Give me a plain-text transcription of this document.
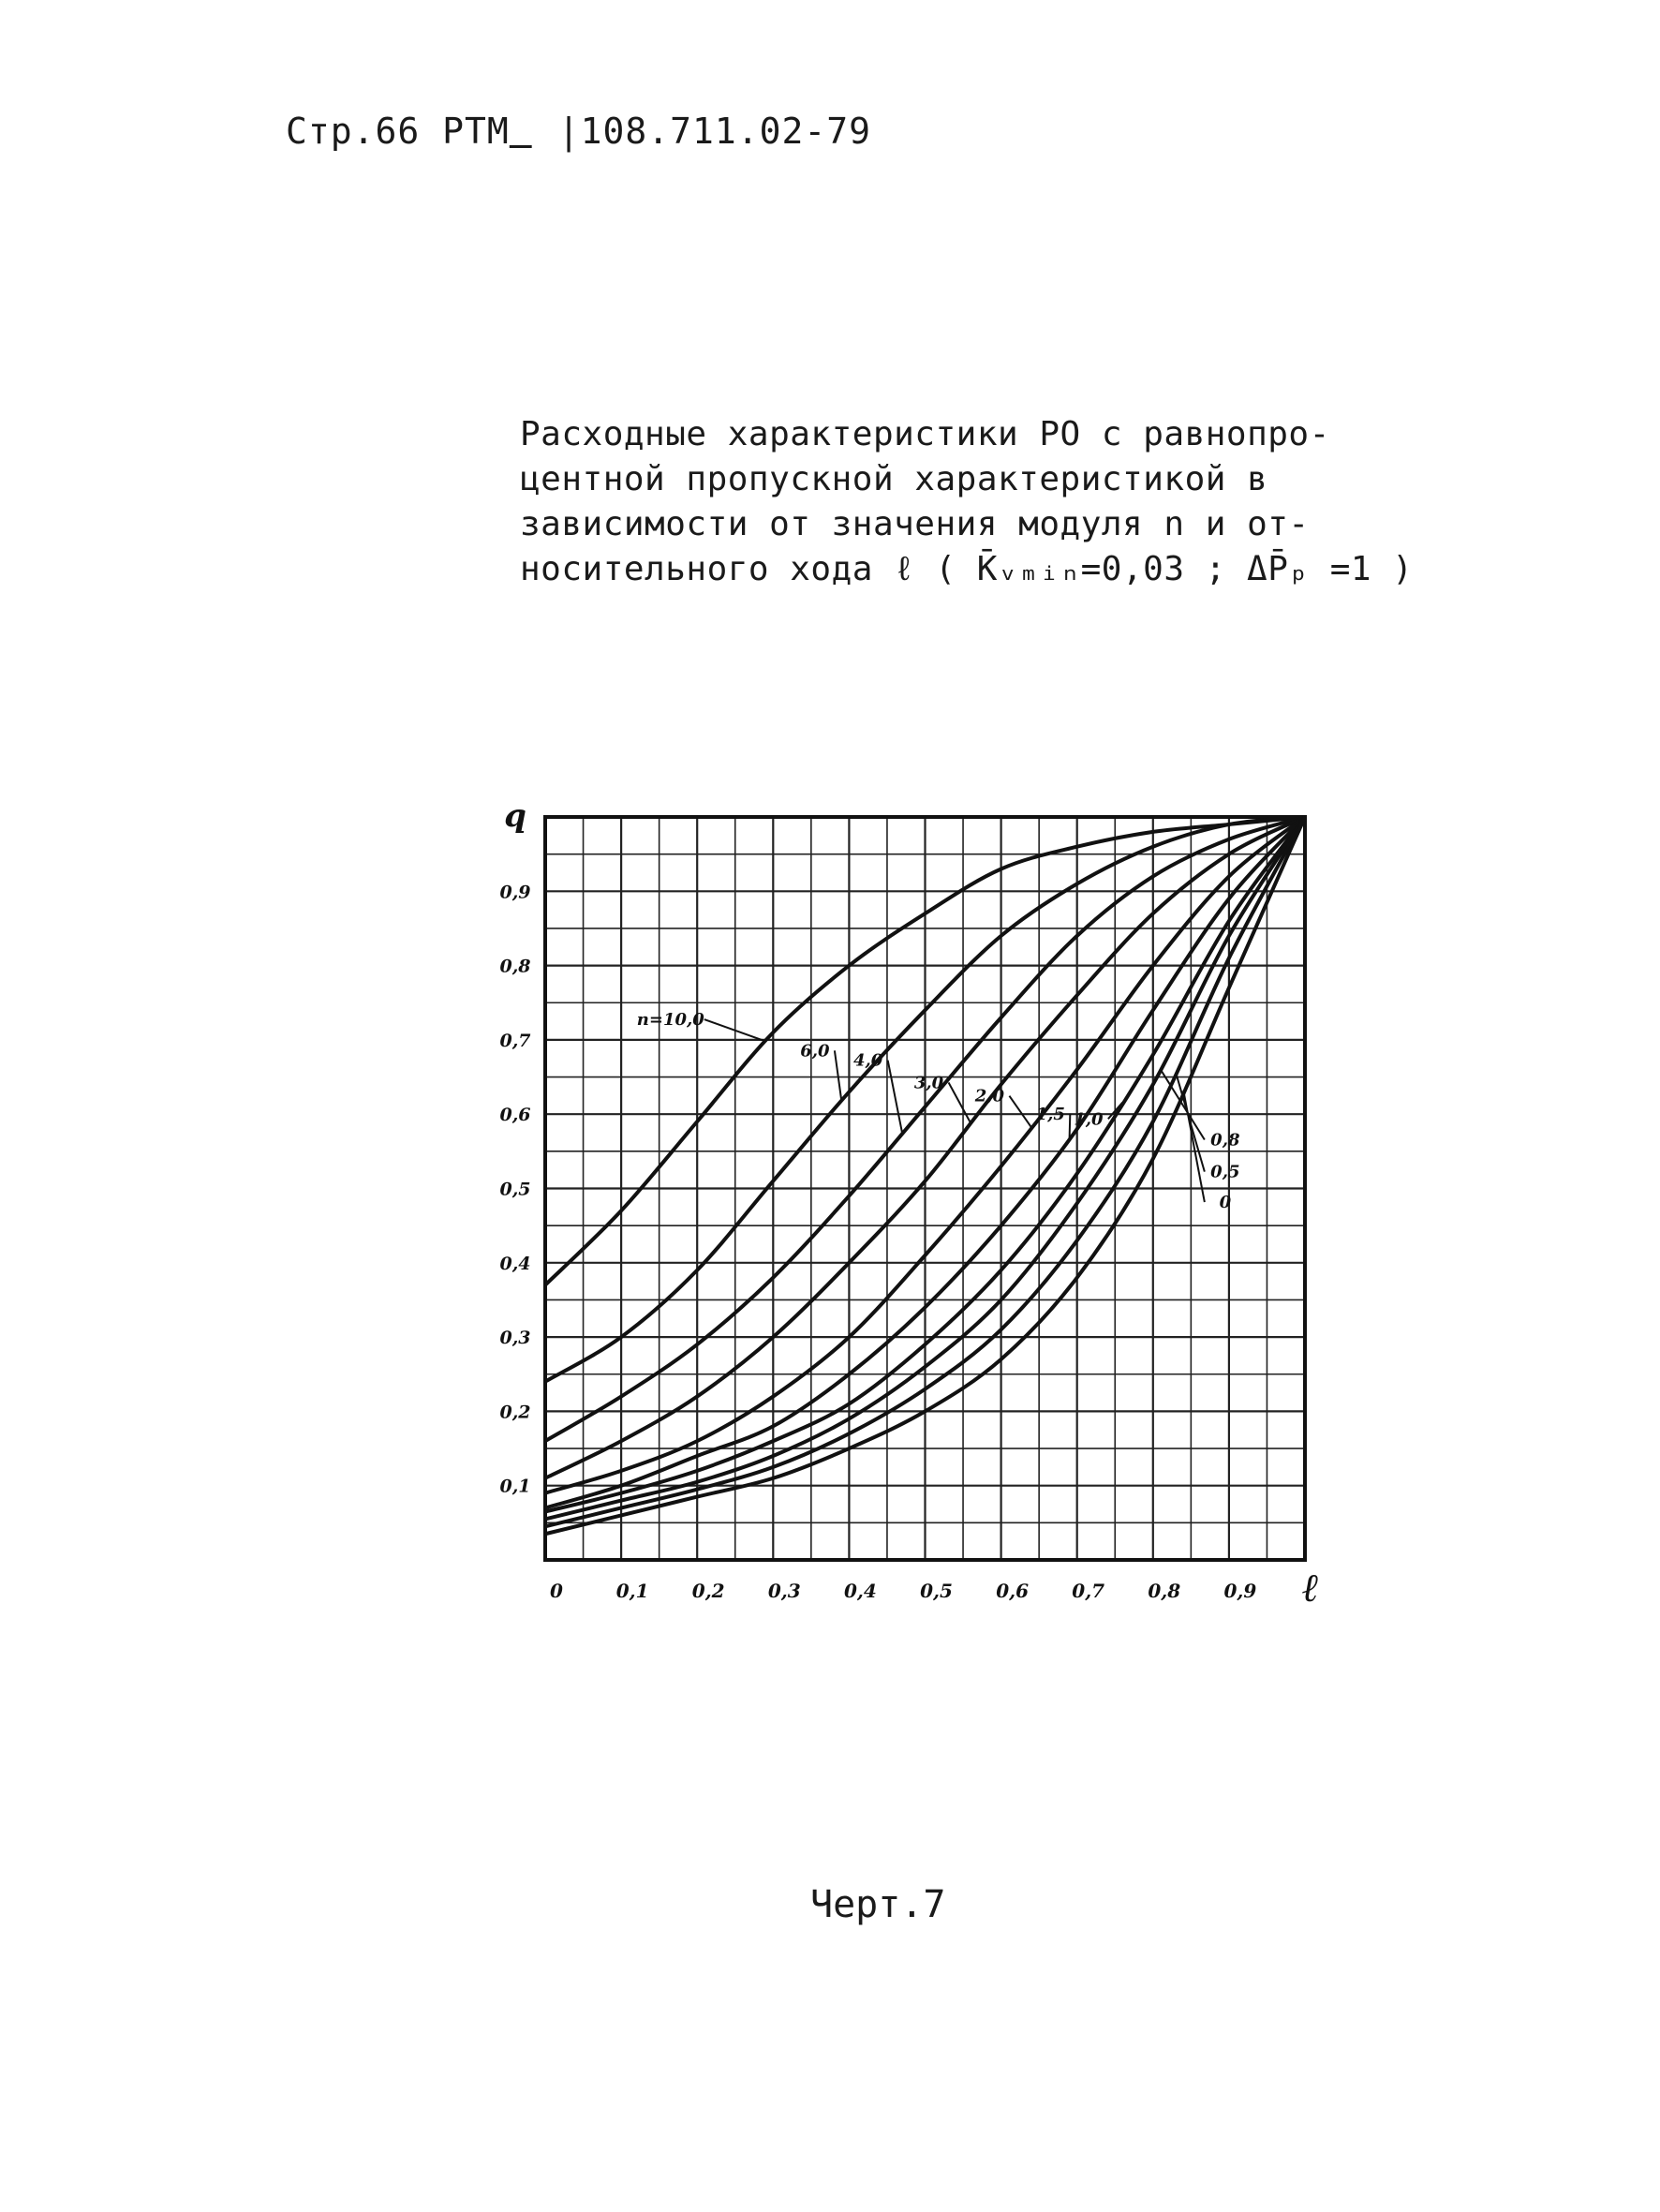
Стр.66 РТМ |108.711.02-79

Расходные характеристики РО с равнопро-

центной пропускной характеристикой в

зависимости от значения модуля n и от-

носительного хода ℓ ( K̄ᵥₘᵢₙ=0,03 ; ΔP̄ₚ =1 )

0	0,1 0,2 0,3 0,4 0,5 0,6 0,7 0,8 0,9
0,1
0,2
0,3
0,4
0,5
0,6
0,7
0,8
0,9
n=10,0
6,0 4,0
3,0
2,0
1,5 1,0
0,8
0,5
0
q
ℓ
Черт.7
